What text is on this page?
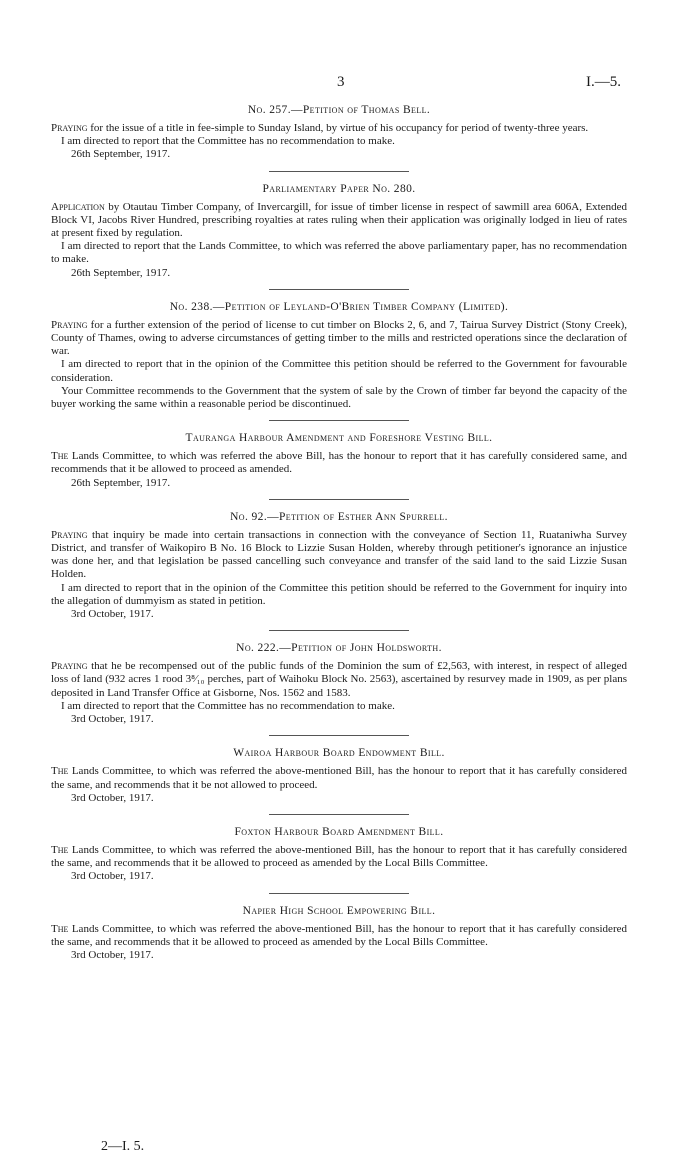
3	I.—5.
No. 257.—Petition of Thomas Bell.

Praying for the issue of a title in fee-simple to Sunday Island, by virtue of his occupancy for period of twenty-three years.

I am directed to report that the Committee has no recommendation to make.
26th September, 1917.
Parliamentary Paper No. 280.

Application by Otautau Timber Company, of Invercargill, for issue of timber license in respect of sawmill area 606A, Extended Block VI, Jacobs River Hundred, prescribing royalties at rates ruling when their application was originally lodged in lieu of rates at present fixed by regulation.

I am directed to report that the Lands Committee, to which was referred the above parliamentary paper, has no recommendation to make.
26th September, 1917.
No. 238.—Petition of Leyland-O'Brien Timber Company (Limited).

Praying for a further extension of the period of license to cut timber on Blocks 2, 6, and 7, Tairua Survey District (Stony Creek), County of Thames, owing to adverse circumstances of getting timber to the mills and restricted operations since the declaration of war.

I am directed to report that in the opinion of the Committee this petition should be referred to the Government for favourable consideration.
Your Committee recommends to the Government that the system of sale by the Crown of timber far beyond the capacity of the buyer working the same within a reasonable period be discontinued.
Tauranga Harbour Amendment and Foreshore Vesting Bill.

The Lands Committee, to which was referred the above Bill, has the honour to report that it has carefully considered same, and recommends that it be allowed to proceed as amended.

26th September, 1917.
No. 92.—Petition of Esther Ann Spurrell.

Praying that inquiry be made into certain transactions in connection with the conveyance of Section 11, Ruataniwha Survey District, and transfer of Waikopiro B No. 16 Block to Lizzie Susan Holden, whereby through petitioner's ignorance an injustice was done her, and that legislation be passed cancelling such conveyance and transfer of the said land to the said Lizzie Susan Holden.

I am directed to report that in the opinion of the Committee this petition should be referred to the Government for inquiry into the allegation of dummyism as stated in petition.
3rd October, 1917.
No. 222.—Petition of John Holdsworth.

Praying that he be recompensed out of the public funds of the Dominion the sum of £2,563, with interest, in respect of alleged loss of land (932 acres 1 rood 3⁸⁄₁₀ perches, part of Waihoku Block No. 2563), ascertained by resurvey made in 1909, as per plans deposited in Land Transfer Office at Gisborne, Nos. 1562 and 1583.

I am directed to report that the Committee has no recommendation to make.
3rd October, 1917.
Wairoa Harbour Board Endowment Bill.

The Lands Committee, to which was referred the above-mentioned Bill, has the honour to report that it has carefully considered the same, and recommends that it be not allowed to proceed.

3rd October, 1917.
Foxton Harbour Board Amendment Bill.

The Lands Committee, to which was referred the above-mentioned Bill, has the honour to report that it has carefully considered the same, and recommends that it be allowed to proceed as amended by the Local Bills Committee.

3rd October, 1917.
Napier High School Empowering Bill.

The Lands Committee, to which was referred the above-mentioned Bill, has the honour to report that it has carefully considered the same, and recommends that it be allowed to proceed as amended by the Local Bills Committee.

3rd October, 1917.
2—I. 5.
